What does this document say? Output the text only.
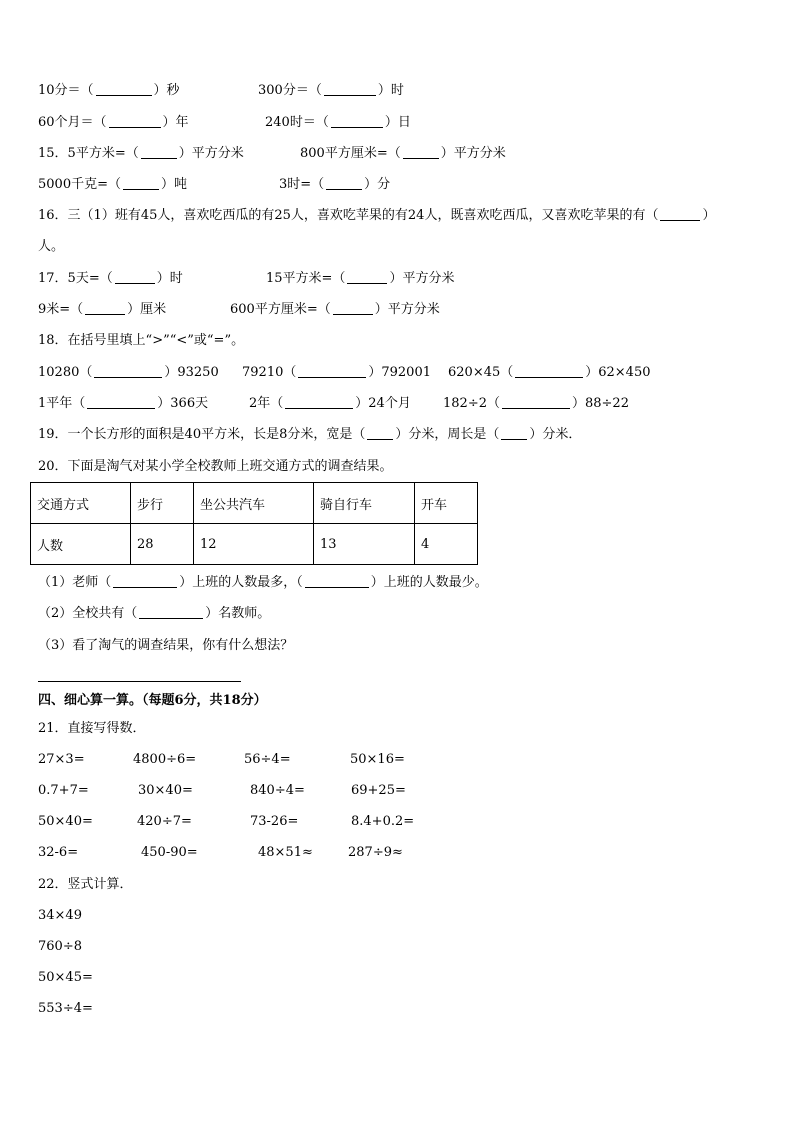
10分＝（	）秒	300分＝（	）时
60个月＝（	）年	240时＝（	）日
15．5平方米=（	）平方分米	800平方厘米=（	）平方分米
5000千克=（	）吨	3时=（	）分
16．三（1）班有45人，喜欢吃西瓜的有25人，喜欢吃苹果的有24人，既喜欢吃西瓜，又喜欢吃苹果的有（	）
人。
17．5天=（	）时	15平方米=（	）平方分米
9米=（	）厘米	600平方厘米=（	）平方分米
18．在括号里填上“>”“<”或“=”。
10280（	）93250 79210（	）792001 620×45（	）62×450
1平年（	）366天	2年（	）24个月 182÷2（	）88÷22
19．一个长方形的面积是40平方米，长是8分米，宽是（ ）分米，周长是（ ）分米．
20．下面是淘气对某小学全校教师上班交通方式的调查结果。
交通方式	步行	坐公共汽车	骑自行车	开车
人数	28	12	13	4
（1）老师（	）上班的人数最多，（	）上班的人数最少。
（2）全校共有（	）名教师。
（3）看了淘气的调查结果，你有什么想法？
四、细心算一算。（每题6分，共18分）
21．直接写得数．
27×3=	4800÷6=	56÷4=	50×16=
0.7+7=	30×40=	840÷4=	69+25=
50×40=	420÷7=	73-26=	8.4+0.2=
32-6=	450-90=	48×51≈	287÷9≈
22．竖式计算．
34×49
760÷8
50×45=
553÷4=
